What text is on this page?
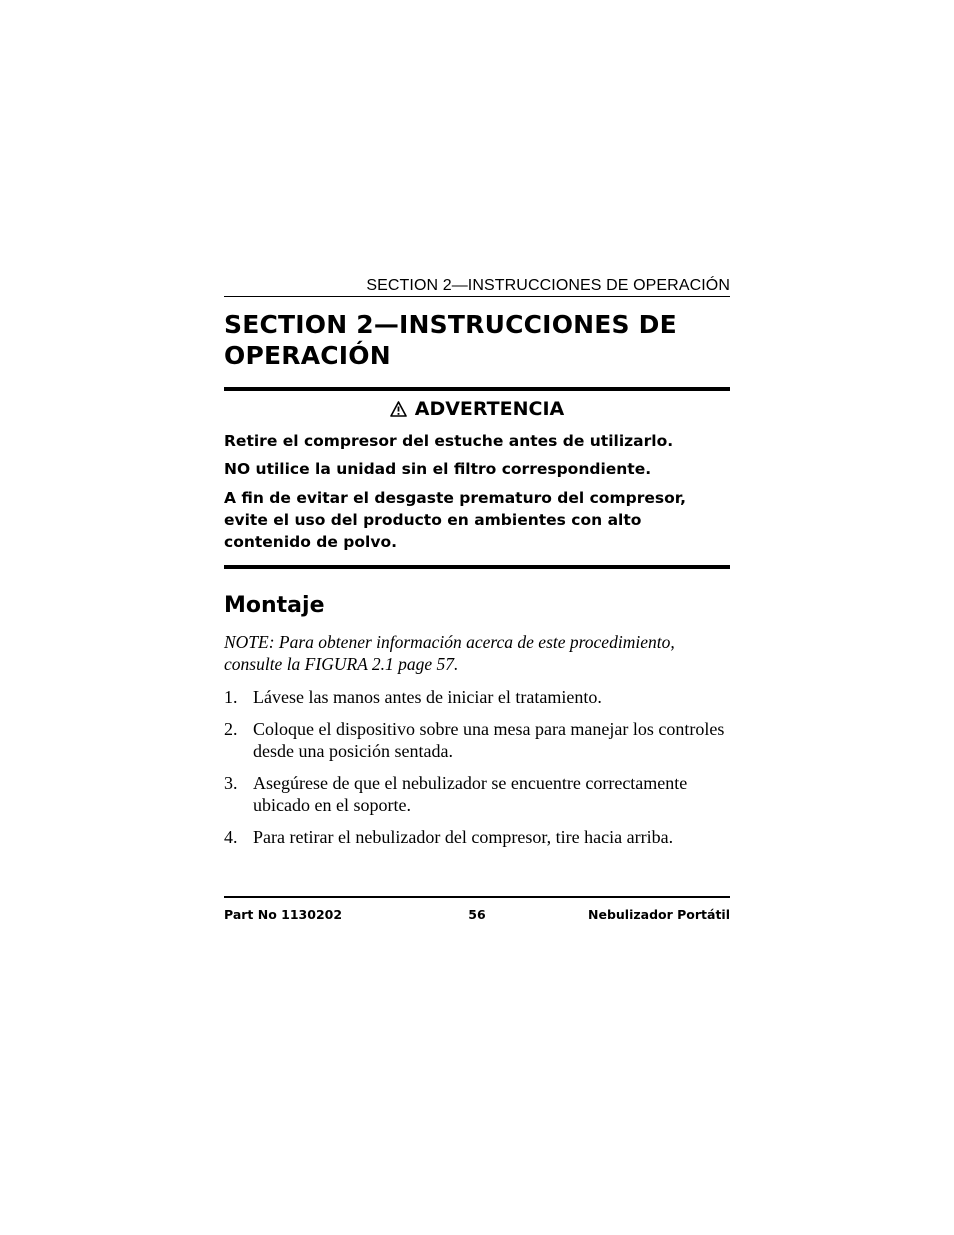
SECTION 2—INSTRUCCIONES DE OPERACIÓN
SECTION 2—INSTRUCCIONES DE
OPERACIÓN
ADVERTENCIA

Retire el compresor del estuche antes de utilizarlo.

NO utilice la unidad sin el filtro correspondiente.

A fin de evitar el desgaste prematuro del compresor, evite el uso del producto en ambientes con alto contenido de polvo.

Montaje

NOTE: Para obtener información acerca de este procedimiento, consulte la FIGURA 2.1 page 57.

1. Lávese las manos antes de iniciar el tratamiento.
2. Coloque el dispositivo sobre una mesa para manejar los controles desde una posición sentada.
3. Asegúrese de que el nebulizador se encuentre correctamente ubicado en el soporte.
4. Para retirar el nebulizador del compresor, tire hacia arriba.
Part No 1130202	56	Nebulizador Portátil
